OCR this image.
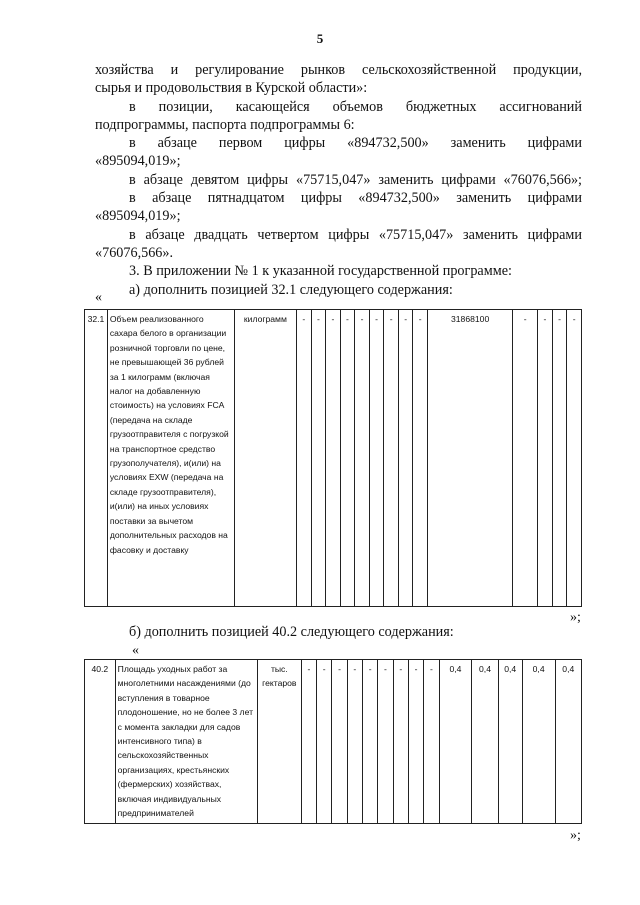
5

хозяйства и регулирование рынков сельскохозяйственной продукции,

сырья и продовольствия в Курской области»:

в позиции, касающейся объемов бюджетных ассигнований

подпрограммы, паспорта подпрограммы 6:

в абзаце первом цифры «894732,500» заменить цифрами

«895094,019»;

в абзаце девятом цифры «75715,047» заменить цифрами «76076,566»;

в абзаце пятнадцатом цифры «894732,500» заменить цифрами

«895094,019»;

в абзаце двадцать четвертом цифры «75715,047» заменить цифрами

«76076,566».

3. В приложении № 1 к указанной государственной программе:

а) дополнить позицией 32.1 следующего содержания:

«
32.1	Объем реализованного сахара белого в организации розничной торговли по цене, не превышающей 36 рублей за 1 килограмм (включая налог на добавленную стоимость) на условиях FCA (передача на складе грузоотправителя с погрузкой на транспортное средство грузополучателя), и(или) на условиях EXW (передача на складе грузоотправителя), и(или) на иных условиях поставки за вычетом дополнительных расходов на фасовку и доставку	килограмм	-	-	-	-	-	-	-	-	-	31868100	-	-	-	-
»;
б) дополнить позицией 40.2 следующего содержания:
«
40.2	Площадь уходных работ за многолетними насаждениями (до вступления в товарное плодоношение, но не более 3 лет с момента закладки для садов интенсивного типа) в сельскохозяйственных организациях, крестьянских (фермерских) хозяйствах, включая индивидуальных предпринимателей	тыс. гектаров	-	-	-	-	-	-	-	-	-	0,4	0,4	0,4	0,4	0,4
»;
